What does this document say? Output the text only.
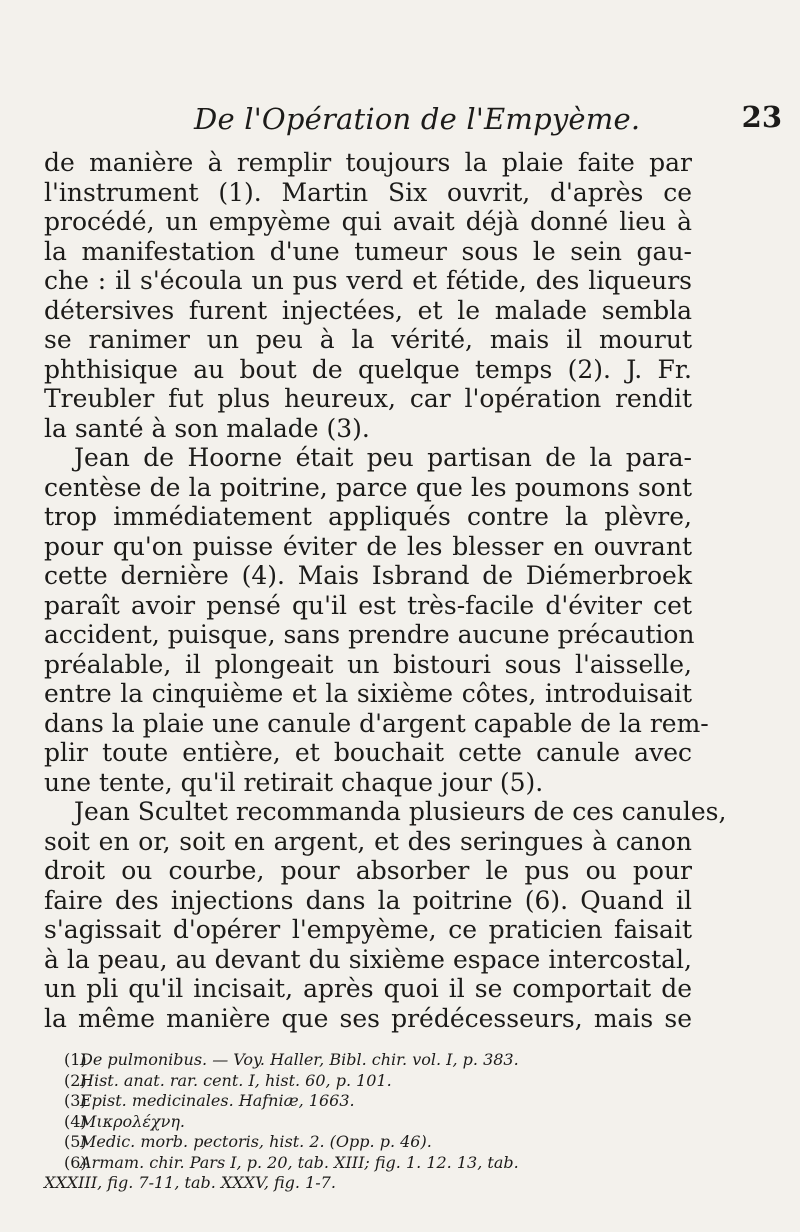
De l'Opération de l'Empyème.	23
de manière à remplir toujours la plaie faite par
l'instrument (1). Martin Six ouvrit, d'après ce
procédé, un empyème qui avait déjà donné lieu à
la manifestation d'une tumeur sous le sein gau-
che : il s'écoula un pus verd et fétide, des liqueurs
détersives furent injectées, et le malade sembla
se ranimer un peu à la vérité, mais il mourut
phthisique au bout de quelque temps (2). J. Fr.
Treubler fut plus heureux, car l'opération rendit
la santé à son malade (3).
Jean de Hoorne était peu partisan de la para-
centèse de la poitrine, parce que les poumons sont
trop immédiatement appliqués contre la plèvre,
pour qu'on puisse éviter de les blesser en ouvrant
cette dernière (4). Mais Isbrand de Diémerbroek
paraît avoir pensé qu'il est très-facile d'éviter cet
accident, puisque, sans prendre aucune précaution
préalable, il plongeait un bistouri sous l'aisselle,
entre la cinquième et la sixième côtes, introduisait
dans la plaie une canule d'argent capable de la rem-
plir toute entière, et bouchait cette canule avec
une tente, qu'il retirait chaque jour (5).
Jean Scultet recommanda plusieurs de ces canules,
soit en or, soit en argent, et des seringues à canon
droit ou courbe, pour absorber le pus ou pour
faire des injections dans la poitrine (6). Quand il
s'agissait d'opérer l'empyème, ce praticien faisait
à la peau, au devant du sixième espace intercostal,
un pli qu'il incisait, après quoi il se comportait de
la même manière que ses prédécesseurs, mais se
(1)De pulmonibus. — Voy. Haller, Bibl. chir. vol. I, p. 383.
(2)Hist. anat. rar. cent. I, hist. 60, p. 101.
(3)Epist. medicinales. Hafniæ, 1663.
(4)Μικρολέχνη.
(5)Medic. morb. pectoris, hist. 2. (Opp. p. 46).
(6)Armam. chir. Pars I, p. 20, tab. XIII; fig. 1. 12. 13, tab.
XXXIII, fig. 7-11, tab. XXXV, fig. 1-7.
